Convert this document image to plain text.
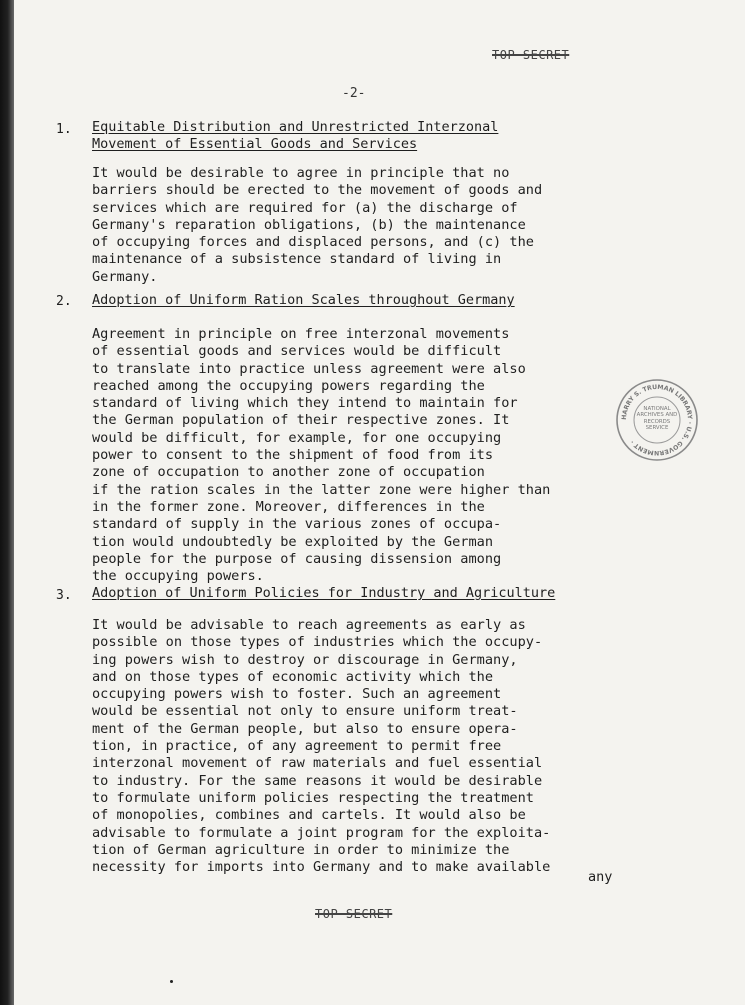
TOP SECRET
-2-
1. Equitable Distribution and Unrestricted Interzonal
Movement of Essential Goods and Services

It would be desirable to agree in principle that no
barriers should be erected to the movement of goods and
services which are required for (a) the discharge of
Germany's reparation obligations, (b) the maintenance
of occupying forces and displaced persons, and (c) the
maintenance of a subsistence standard of living in
Germany.

2. Adoption of Uniform Ration Scales throughout Germany

Agreement in principle on free interzonal movements
of essential goods and services would be difficult
to translate into practice unless agreement were also
reached among the occupying powers regarding the
standard of living which they intend to maintain for
the German population of their respective zones. It
would be difficult, for example, for one occupying
power to consent to the shipment of food from its
zone of occupation to another zone of occupation
if the ration scales in the latter zone were higher than
in the former zone. Moreover, differences in the
standard of supply in the various zones of occupa-
tion would undoubtedly be exploited by the German
people for the purpose of causing dissension among
the occupying powers.

3. Adoption of Uniform Policies for Industry and Agriculture

It would be advisable to reach agreements as early as
possible on those types of industries which the occupy-
ing powers wish to destroy or discourage in Germany,
and on those types of economic activity which the
occupying powers wish to foster. Such an agreement
would be essential not only to ensure uniform treat-
ment of the German people, but also to ensure opera-
tion, in practice, of any agreement to permit free
interzonal movement of raw materials and fuel essential
to industry. For the same reasons it would be desirable
to formulate uniform policies respecting the treatment
of monopolies, combines and cartels. It would also be
advisable to formulate a joint program for the exploita-
tion of German agriculture in order to minimize the
necessity for imports into Germany and to make available

any
TOP SECRET
HARRY S. TRUMAN LIBRARY · U.S. GOVERNMENT ·
NATIONAL ARCHIVES AND RECORDS SERVICE
